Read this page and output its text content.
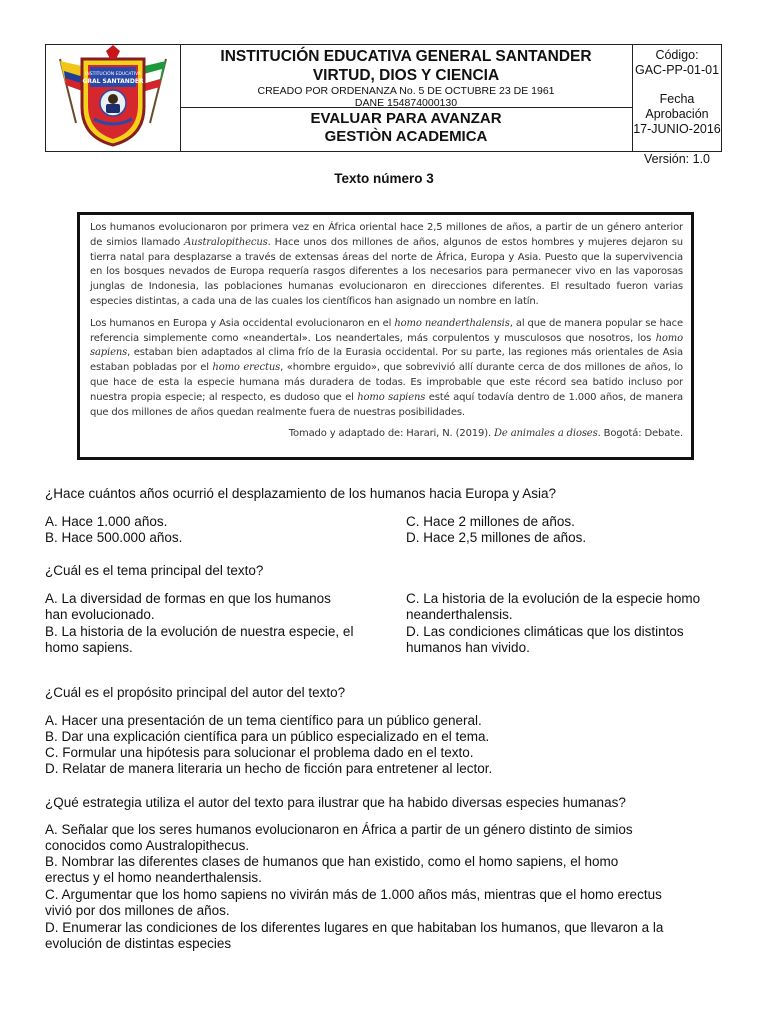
INSTITUCIÓN EDUCATIVA
GRAL SANTANDER
INSTITUCIÓN EDUCATIVA GENERAL SANTANDER
VIRTUD, DIOS Y CIENCIA
CREADO POR ORDENANZA No. 5 DE OCTUBRE 23 DE 1961
DANE 154874000130
EVALUAR PARA AVANZAR
GESTIÒN ACADEMICA
Código:
GAC-PP-01-01
Fecha Aprobación
17-JUNIO-2016
Versión: 1.0
Texto número 3

Los humanos evolucionaron por primera vez en África oriental hace 2,5 millones de años, a partir de un género anterior de simios llamado Australopithecus. Hace unos dos millones de años, algunos de estos hombres y mujeres dejaron su tierra natal para desplazarse a través de extensas áreas del norte de África, Europa y Asia. Puesto que la supervivencia en los bosques nevados de Europa requería rasgos diferentes a los necesarios para permanecer vivo en las vaporosas junglas de Indonesia, las poblaciones humanas evolucionaron en direcciones diferentes. El resultado fueron varias especies distintas, a cada una de las cuales los científicos han asignado un nombre en latín.

Los humanos en Europa y Asia occidental evolucionaron en el homo neanderthalensis, al que de manera popular se hace referencia simplemente como «neandertal». Los neandertales, más corpulentos y musculosos que nosotros, los homo sapiens, estaban bien adaptados al clima frío de la Eurasia occidental. Por su parte, las regiones más orientales de Asia estaban pobladas por el homo erectus, «hombre erguido», que sobrevivió allí durante cerca de dos millones de años, lo que hace de esta la especie humana más duradera de todas. Es improbable que este récord sea batido incluso por nuestra propia especie; al respecto, es dudoso que el homo sapiens esté aquí todavía dentro de 1.000 años, de manera que dos millones de años quedan realmente fuera de nuestras posibilidades.

Tomado y adaptado de: Harari, N. (2019). De animales a dioses. Bogotá: Debate.
¿Hace cuántos años ocurrió el desplazamiento de los humanos hacia Europa y Asia?
A. Hace 1.000 años.
B. Hace 500.000 años.
C. Hace 2 millones de años.
D. Hace 2,5 millones de años.
¿Cuál es el tema principal del texto?
A. La diversidad de formas en que los humanos han evolucionado.
B. La historia de la evolución de nuestra especie, el homo sapiens.
C. La historia de la evolución de la especie homo neanderthalensis.
D. Las condiciones climáticas que los distintos humanos han vivido.
¿Cuál es el propósito principal del autor del texto?
A. Hacer una presentación de un tema científico para un público general.
B. Dar una explicación científica para un público especializado en el tema.
C. Formular una hipótesis para solucionar el problema dado en el texto.
D. Relatar de manera literaria un hecho de ficción para entretener al lector.
¿Qué estrategia utiliza el autor del texto para ilustrar que ha habido diversas especies humanas?
A. Señalar que los seres humanos evolucionaron en África a partir de un género distinto de simios conocidos como Australopithecus.
B. Nombrar las diferentes clases de humanos que han existido, como el homo sapiens, el homo erectus y el homo neanderthalensis.
C. Argumentar que los homo sapiens no vivirán más de 1.000 años más, mientras que el homo erectus vivió por dos millones de años.
D. Enumerar las condiciones de los diferentes lugares en que habitaban los humanos, que llevaron a la evolución de distintas especies
